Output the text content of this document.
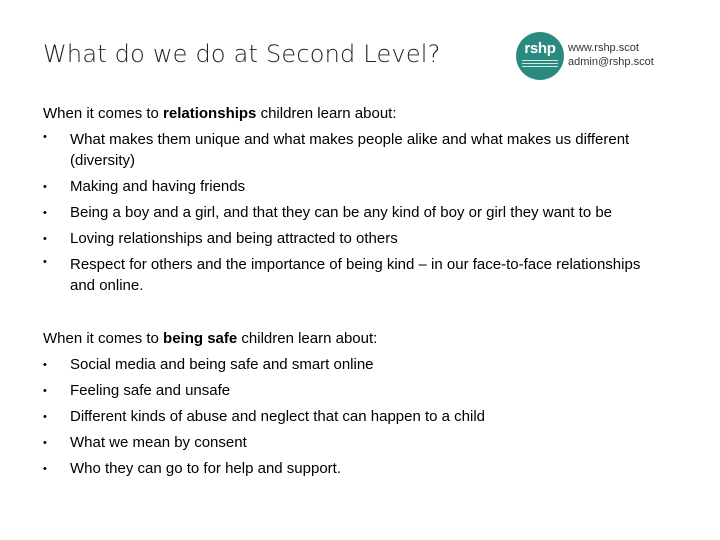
What do we do at Second Level?	rshp	www.rshp.scot
admin@rshp.scot
When it comes to relationships children learn about:
• What makes them unique and what makes people alike and what makes us different (diversity)
• Making and having friends
• Being a boy and a girl, and that they can be any kind of boy or girl they want to be
• Loving relationships and being attracted to others
• Respect for others and the importance of being kind – in our face-to-face relationships and online.
When it comes to being safe children learn about:
• Social media and being safe and smart online
• Feeling safe and unsafe
• Different kinds of abuse and neglect that can happen to a child
• What we mean by consent
• Who they can go to for help and support.
